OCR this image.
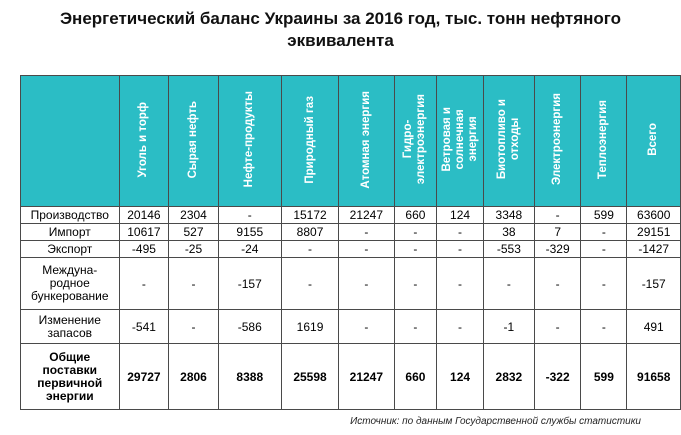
Энергетический баланс Украины за 2016 год, тыс. тонн нефтяного
эквивалента
	Уголь и торф	Сырая нефть	Нефте-продукты	Природный газ	Атомная энергия	Гидро-
электроэнергия	Ветровая и
солнечная
энергия	Биотопливо и
отходы	Электроэнергия	Теплоэнергия	Всего
Производство	20146	2304	-	15172	21247	660	124	3348	-	599	63600
Импорт	10617	527	9155	8807	-	-	-	38	7	-	29151
Экспорт	-495	-25	-24	-	-	-	-	-553	-329	-	-1427
Междуна-
родное
бункерование	-	-	-157	-	-	-	-	-	-	-	-157
Изменение
запасов	-541	-	-586	1619	-	-	-	-1	-	-	491
Общие
поставки
первичной
энергии	29727	2806	8388	25598	21247	660	124	2832	-322	599	91658
Источник: по данным Государственной службы статистики
